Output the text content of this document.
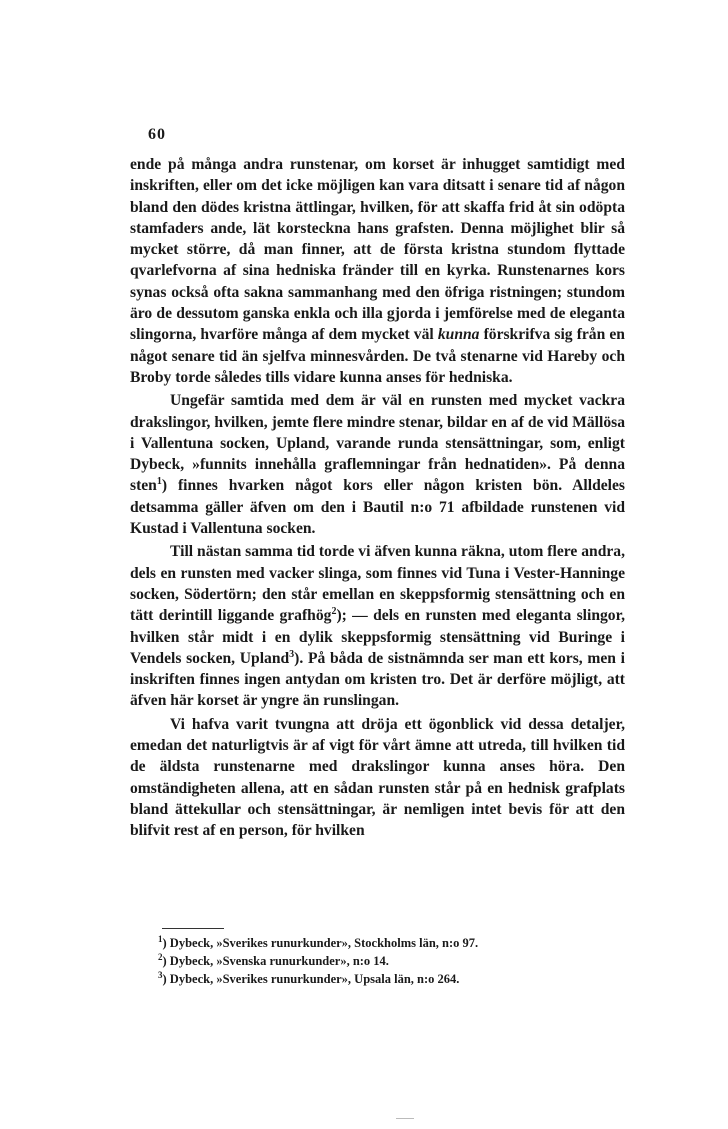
60

ende på många andra runstenar, om korset är inhugget samtidigt med inskriften, eller om det icke möjligen kan vara ditsatt i senare tid af någon bland den dödes kristna ättlingar, hvilken, för att skaffa frid åt sin odöpta stamfaders ande, lät korsteckna hans grafsten. Denna möjlighet blir så mycket större, då man finner, att de första kristna stundom flyttade qvarlefvorna af sina hedniska fränder till en kyrka. Runstenarnes kors synas också ofta sakna sammanhang med den öfriga ristningen; stundom äro de dessutom ganska enkla och illa gjorda i jemförelse med de eleganta slingorna, hvarföre många af dem mycket väl kunna förskrifva sig från en något senare tid än sjelfva minnesvården. De två stenarne vid Hareby och Broby torde således tills vidare kunna anses för hedniska.

Ungefär samtida med dem är väl en runsten med mycket vackra drakslingor, hvilken, jemte flere mindre stenar, bildar en af de vid Mällösa i Vallentuna socken, Upland, varande runda stensättningar, som, enligt Dybeck, »funnits innehålla graflemningar från hednatiden». På denna sten$^1$) finnes hvarken något kors eller någon kristen bön. Alldeles detsamma gäller äfven om den i Bautil n:o 71 afbildade runstenen vid Kustad i Vallentuna socken.

Till nästan samma tid torde vi äfven kunna räkna, utom flere andra, dels en runsten med vacker slinga, som finnes vid Tuna i Vester-Hanninge socken, Södertörn; den står emellan en skeppsformig stensättning och en tätt derintill liggande grafhög$^2$); — dels en runsten med eleganta slingor, hvilken står midt i en dylik skeppsformig stensättning vid Buringe i Vendels socken, Upland$^3$). På båda de sistnämnda ser man ett kors, men i inskriften finnes ingen antydan om kristen tro. Det är derföre möjligt, att äfven här korset är yngre än runslingan.

Vi hafva varit tvungna att dröja ett ögonblick vid dessa detaljer, emedan det naturligtvis är af vigt för vårt ämne att utreda, till hvilken tid de äldsta runstenarne med drakslingor kunna anses höra. Den omständigheten allena, att en sådan runsten står på en hednisk grafplats bland ättekullar och stensättningar, är nemligen intet bevis för att den blifvit rest af en person, för hvilken

$^1$) Dybeck, »Sverikes runurkunder», Stockholms län, n:o 97.

$^2$) Dybeck, »Svenska runurkunder», n:o 14.

$^3$) Dybeck, »Sverikes runurkunder», Upsala län, n:o 264.
